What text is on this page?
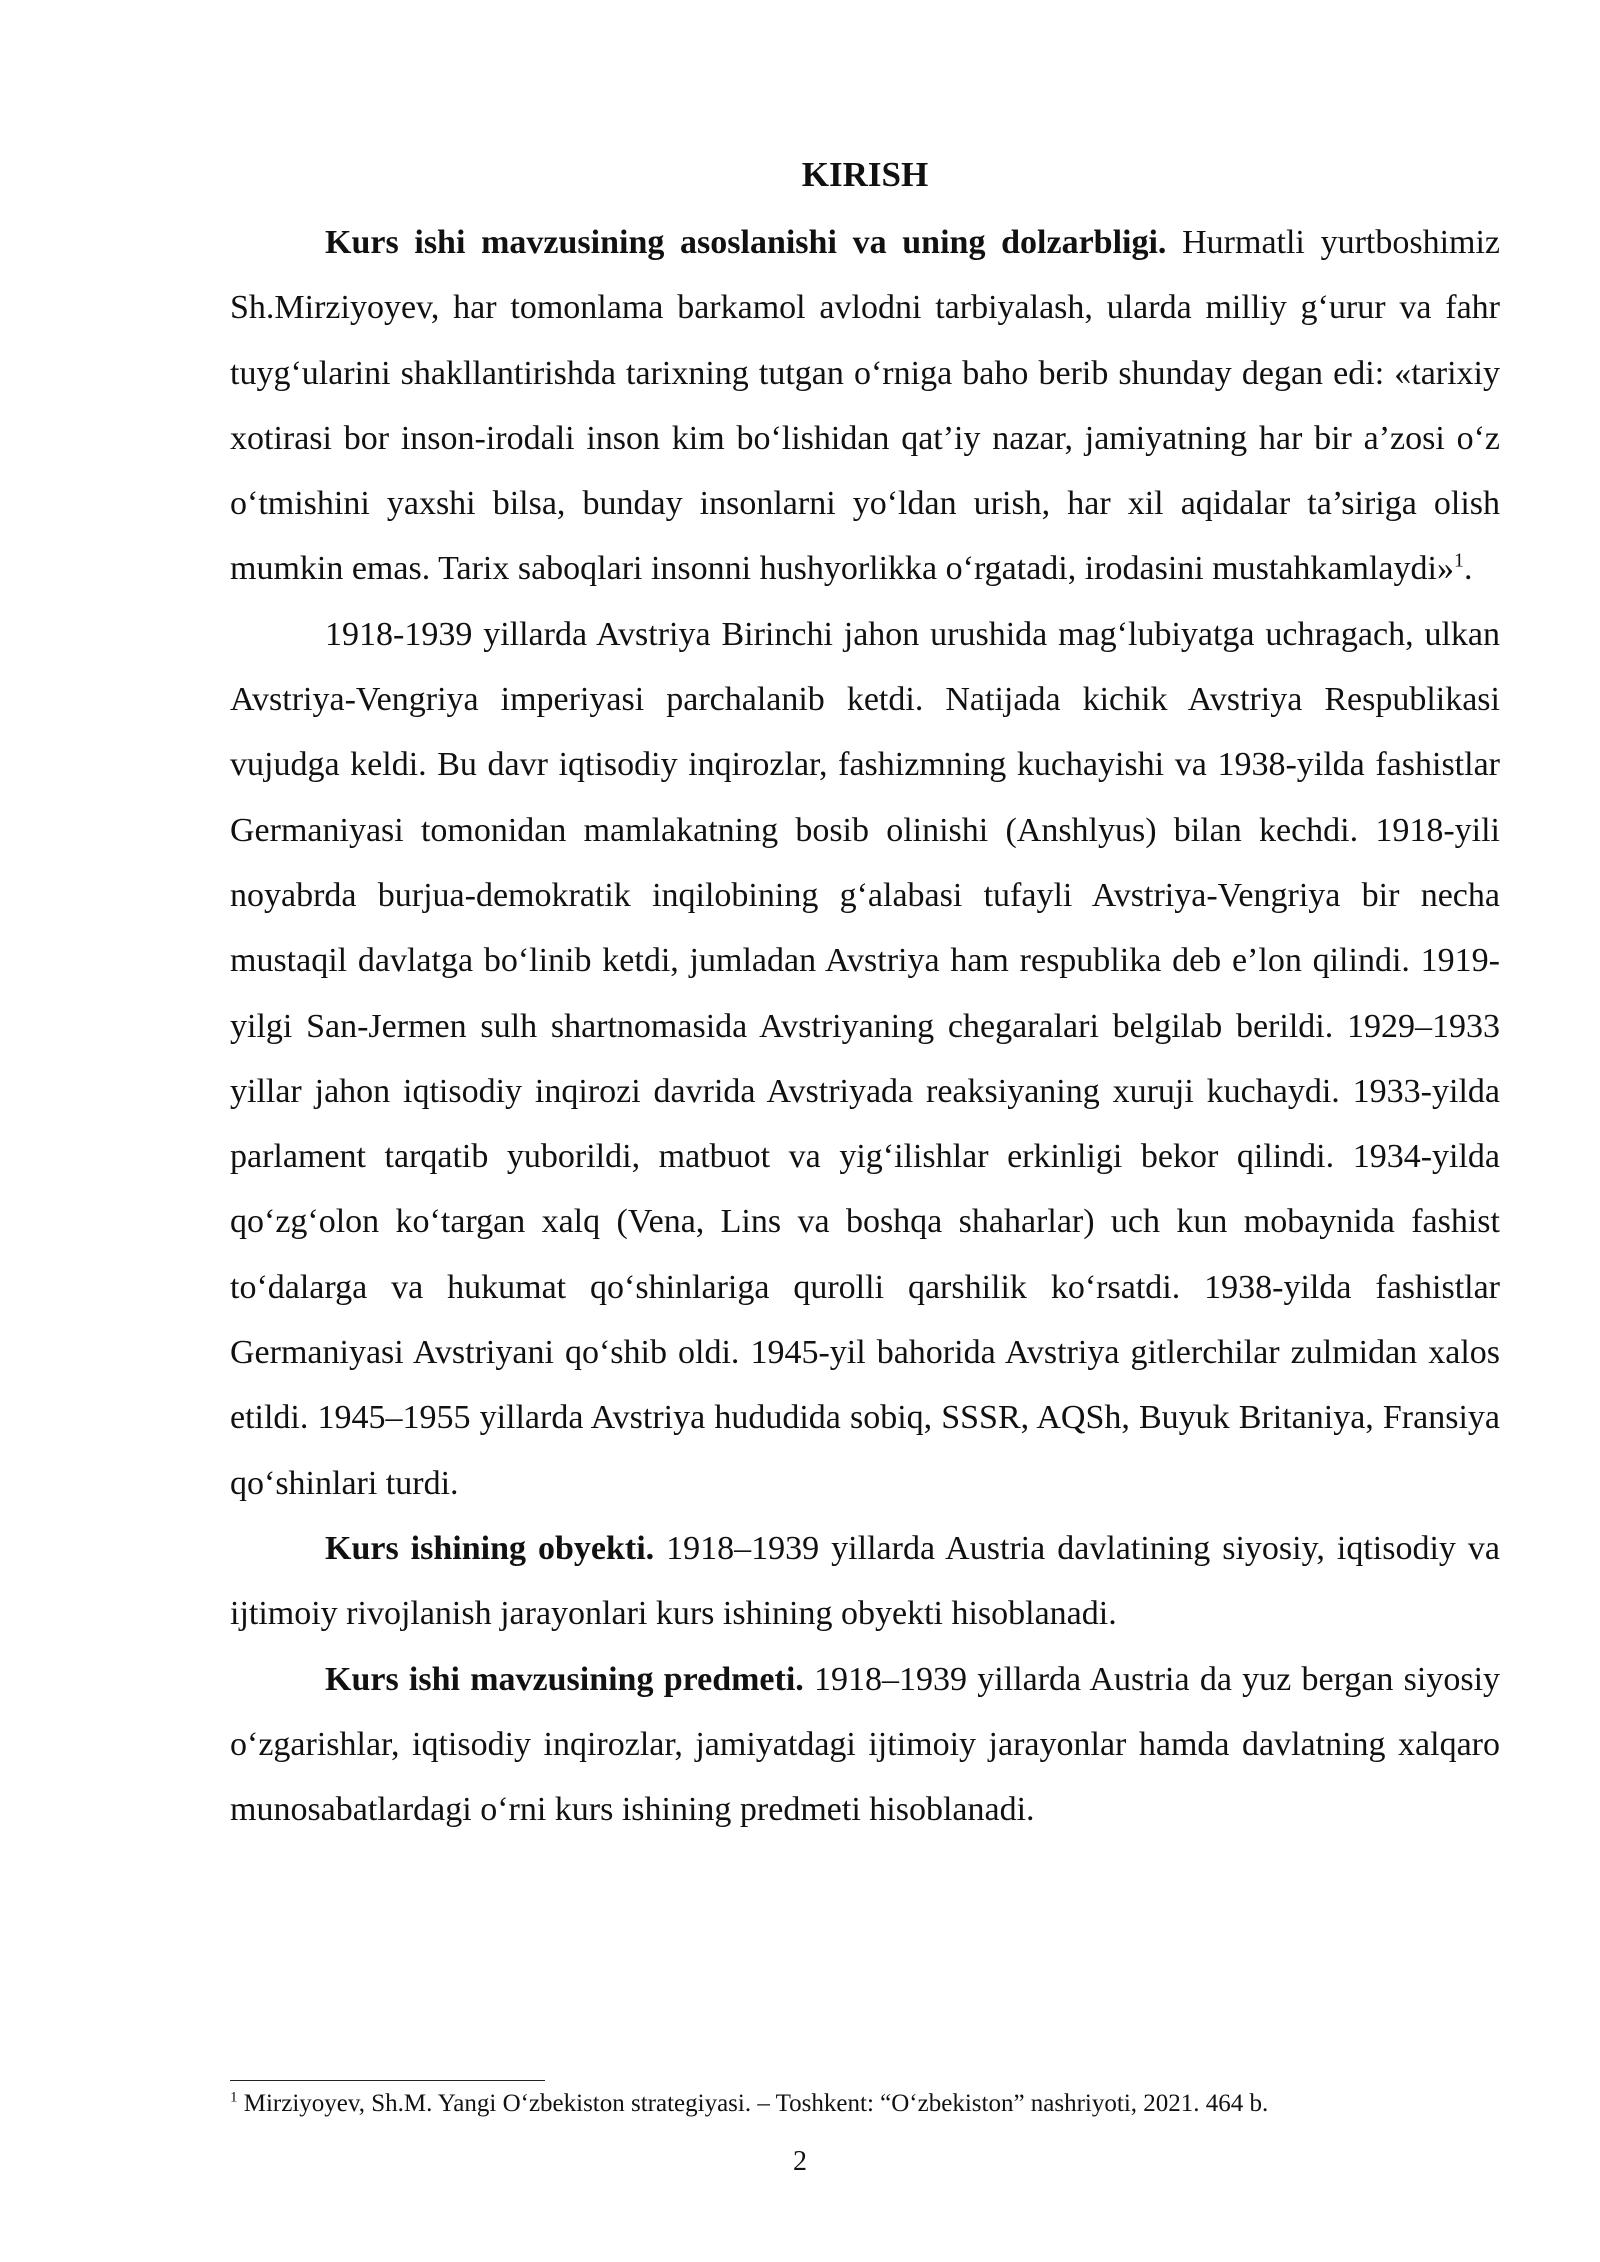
KIRISH

Kurs ishi mavzusining asoslanishi va uning dolzarbligi. Hurmatli yurtboshimiz Sh.Mirziyoyev, har tomonlama barkamol avlodni tarbiyalash, ularda milliy g‘urur va fahr tuyg‘ularini shakllantirishda tarixning tutgan o‘rniga baho berib shunday degan edi: «tarixiy xotirasi bor inson-irodali inson kim bo‘lishidan qat’iy nazar, jamiyatning har bir a’zosi o‘z o‘tmishini yaxshi bilsa, bunday insonlarni yo‘ldan urish, har xil aqidalar ta’siriga olish mumkin emas. Tarix saboqlari insonni hushyorlikka o‘rgatadi, irodasini mustahkamlaydi»$^1$.

1918-1939 yillarda Avstriya Birinchi jahon urushida mag‘lubiyatga uchragach, ulkan Avstriya-Vengriya imperiyasi parchalanib ketdi. Natijada kichik Avstriya Respublikasi vujudga keldi. Bu davr iqtisodiy inqirozlar, fashizmning kuchayishi va 1938-yilda fashistlar Germaniyasi tomonidan mamlakatning bosib olinishi (Anshlyus) bilan kechdi. 1918-yili noyabrda burjua-demokratik inqilobining g‘alabasi tufayli Avstriya-Vengriya bir necha mustaqil davlatga bo‘linib ketdi, jumladan Avstriya ham respublika deb e’lon qilindi. 1919-yilgi San-Jermen sulh shartnomasida Avstriyaning chegaralari belgilab berildi. 1929–1933 yillar jahon iqtisodiy inqirozi davrida Avstriyada reaksiyaning xuruji kuchaydi. 1933-yilda parlament tarqatib yuborildi, matbuot va yig‘ilishlar erkinligi bekor qilindi. 1934-yilda qo‘zg‘olon ko‘targan xalq (Vena, Lins va boshqa shaharlar) uch kun mobaynida fashist to‘dalarga va hukumat qo‘shinlariga qurolli qarshilik ko‘rsatdi. 1938-yilda fashistlar Germaniyasi Avstriyani qo‘shib oldi. 1945-yil bahorida Avstriya gitlerchilar zulmidan xalos etildi. 1945–1955 yillarda Avstriya hududida sobiq, SSSR, AQSh, Buyuk Britaniya, Fransiya qo‘shinlari turdi.

Kurs ishining obyekti. 1918–1939 yillarda Austria davlatining siyosiy, iqtisodiy va ijtimoiy rivojlanish jarayonlari kurs ishining obyekti hisoblanadi.

Kurs ishi mavzusining predmeti. 1918–1939 yillarda Austria da yuz bergan siyosiy o‘zgarishlar, iqtisodiy inqirozlar, jamiyatdagi ijtimoiy jarayonlar hamda davlatning xalqaro munosabatlardagi o‘rni kurs ishining predmeti hisoblanadi.

$^1$ Mirziyoyev, Sh.M. Yangi O‘zbekiston strategiyasi. – Toshkent: “O‘zbekiston” nashriyoti, 2021. 464 b.

2
